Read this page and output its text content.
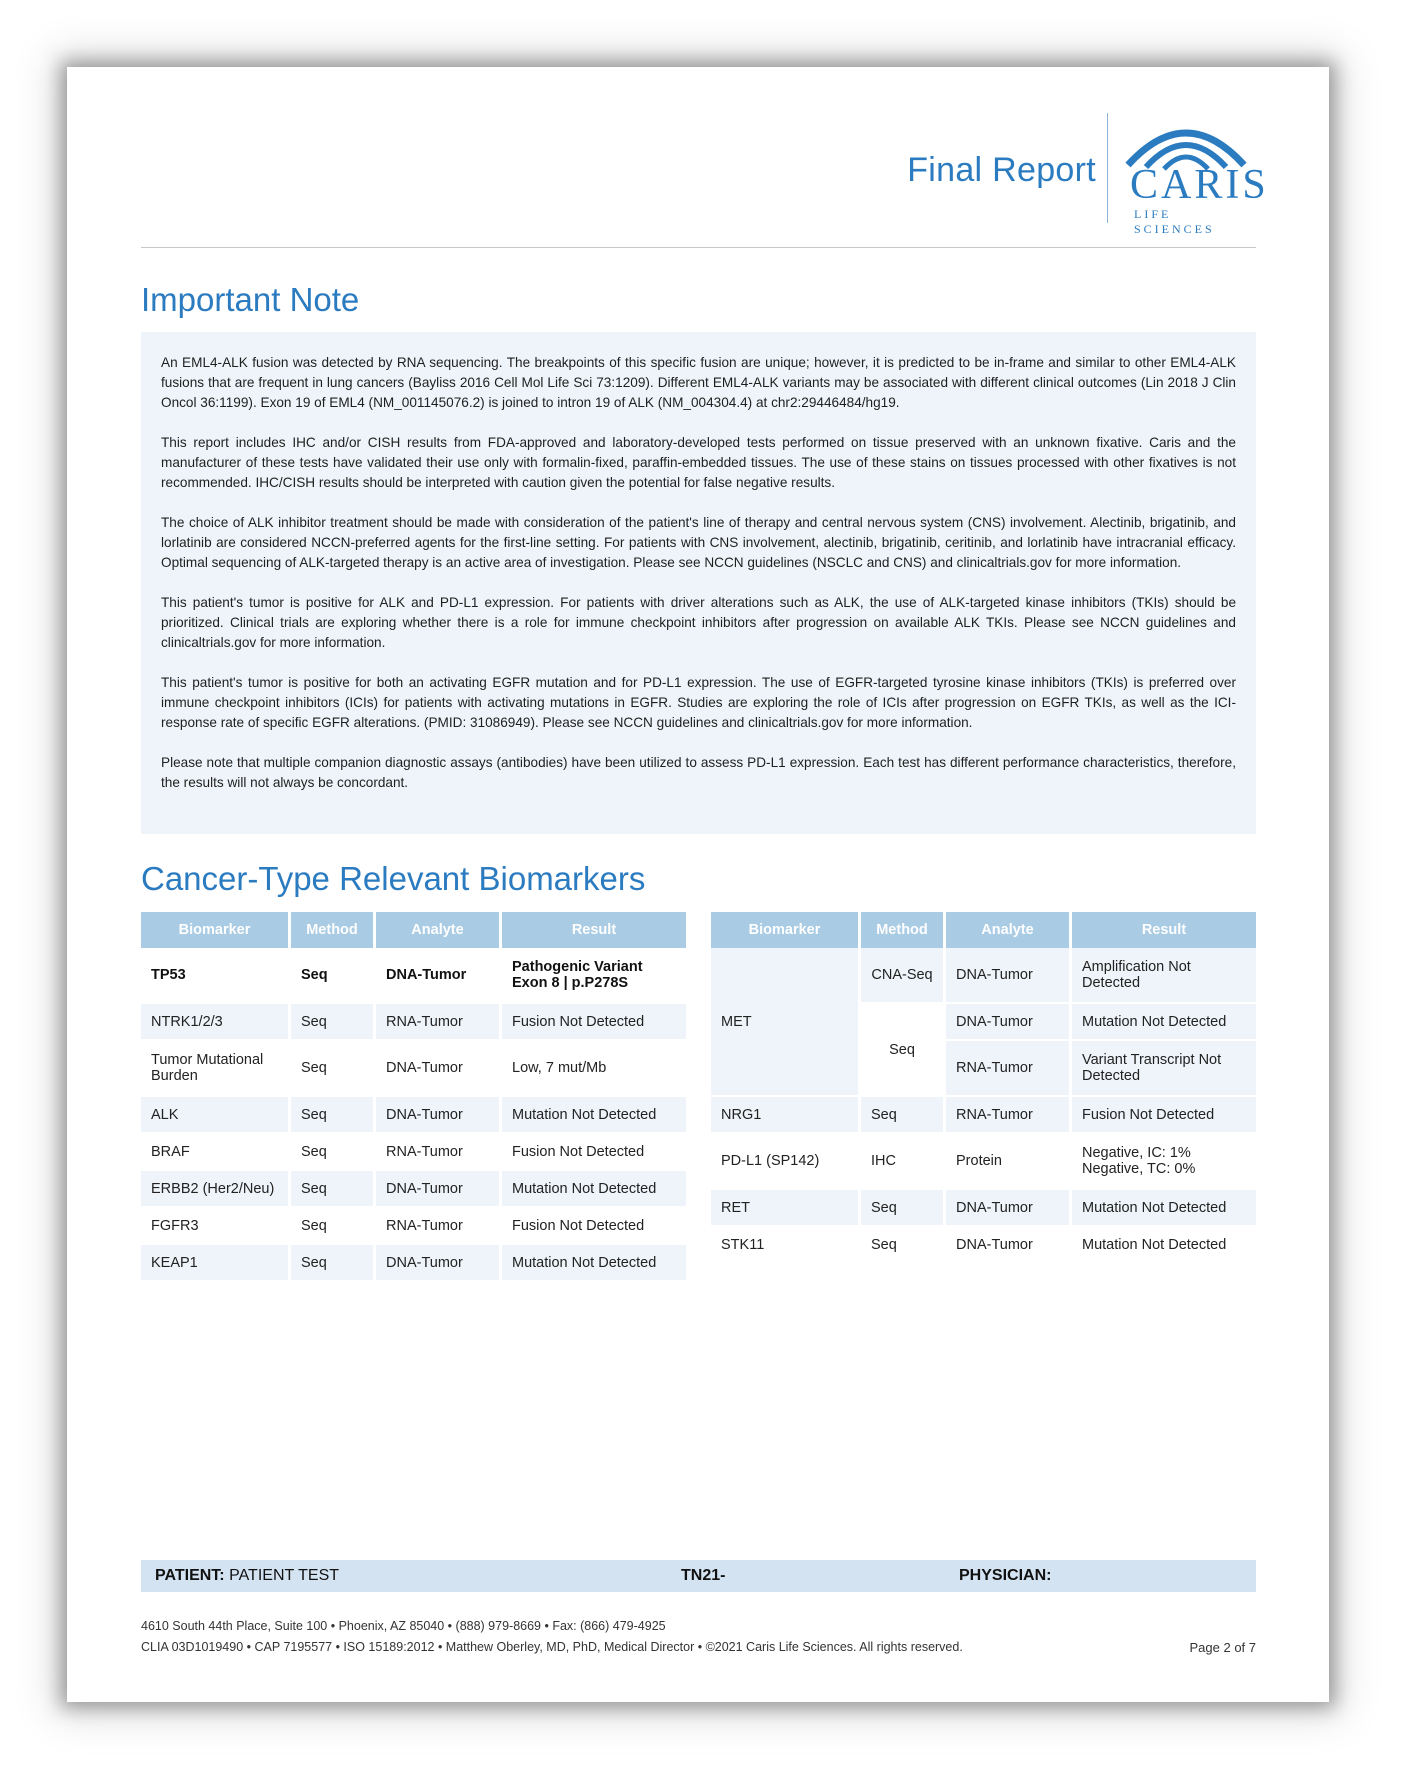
Final Report CARIS
LIFE SCIENCES
Important Note

An EML4-ALK fusion was detected by RNA sequencing. The breakpoints of this specific fusion are unique; however, it is predicted to be in-frame and similar to other EML4-ALK fusions that are frequent in lung cancers (Bayliss 2016 Cell Mol Life Sci 73:1209). Different EML4-ALK variants may be associated with different clinical outcomes (Lin 2018 J Clin Oncol 36:1199). Exon 19 of EML4 (NM_001145076.2) is joined to intron 19 of ALK (NM_004304.4) at chr2:29446484/hg19.

This report includes IHC and/or CISH results from FDA-approved and laboratory-developed tests performed on tissue preserved with an unknown fixative. Caris and the manufacturer of these tests have validated their use only with formalin-fixed, paraffin-embedded tissues. The use of these stains on tissues processed with other fixatives is not recommended. IHC/CISH results should be interpreted with caution given the potential for false negative results.

The choice of ALK inhibitor treatment should be made with consideration of the patient's line of therapy and central nervous system (CNS) involvement. Alectinib, brigatinib, and lorlatinib are considered NCCN-preferred agents for the first-line setting. For patients with CNS involvement, alectinib, brigatinib, ceritinib, and lorlatinib have intracranial efficacy. Optimal sequencing of ALK-targeted therapy is an active area of investigation. Please see NCCN guidelines (NSCLC and CNS) and clinicaltrials.gov for more information.

This patient's tumor is positive for ALK and PD-L1 expression. For patients with driver alterations such as ALK, the use of ALK-targeted kinase inhibitors (TKIs) should be prioritized. Clinical trials are exploring whether there is a role for immune checkpoint inhibitors after progression on available ALK TKIs. Please see NCCN guidelines and clinicaltrials.gov for more information.

This patient's tumor is positive for both an activating EGFR mutation and for PD-L1 expression. The use of EGFR-targeted tyrosine kinase inhibitors (TKIs) is preferred over immune checkpoint inhibitors (ICIs) for patients with activating mutations in EGFR. Studies are exploring the role of ICIs after progression on EGFR TKIs, as well as the ICI-response rate of specific EGFR alterations. (PMID: 31086949). Please see NCCN guidelines and clinicaltrials.gov for more information.

Please note that multiple companion diagnostic assays (antibodies) have been utilized to assess PD-L1 expression. Each test has different performance characteristics, therefore, the results will not always be concordant.

Cancer-Type Relevant Biomarkers
Biomarker	Method	Analyte	Result
TP53	Seq	DNA-Tumor	Pathogenic Variant
Exon 8 | p.P278S

NTRK1/2/3	Seq	RNA-Tumor	Fusion Not Detected

Tumor Mutational
Burden	Seq	DNA-Tumor	Low, 7 mut/Mb
ALK	Seq	DNA-Tumor	Mutation Not Detected
BRAF	Seq	RNA-Tumor	Fusion Not Detected
ERBB2 (Her2/Neu)	Seq	DNA-Tumor	Mutation Not Detected
FGFR3	Seq	RNA-Tumor	Fusion Not Detected
KEAP1	Seq	DNA-Tumor	Mutation Not Detected
Biomarker	Method	Analyte	Result
MET	CNA-Seq	DNA-Tumor	Amplification Not
Detected

	Seq	DNA-Tumor	Mutation Not Detected
		RNA-Tumor	Variant Transcript Not
Detected

NRG1	Seq	RNA-Tumor	Fusion Not Detected
PD-L1 (SP142)	IHC	Protein	Negative, IC: 1%
Negative, TC: 0%

RET	Seq	DNA-Tumor	Mutation Not Detected
STK11	Seq	DNA-Tumor	Mutation Not Detected
PATIENT: PATIENT TEST	TN21-	PHYSICIAN:
4610 South 44th Place, Suite 100 • Phoenix, AZ 85040 • (888) 979-8669 • Fax: (866) 479-4925
CLIA 03D1019490 • CAP 7195577 • ISO 15189:2012 • Matthew Oberley, MD, PhD, Medical Director • ©2021 Caris Life Sciences. All rights reserved.	Page 2 of 7
